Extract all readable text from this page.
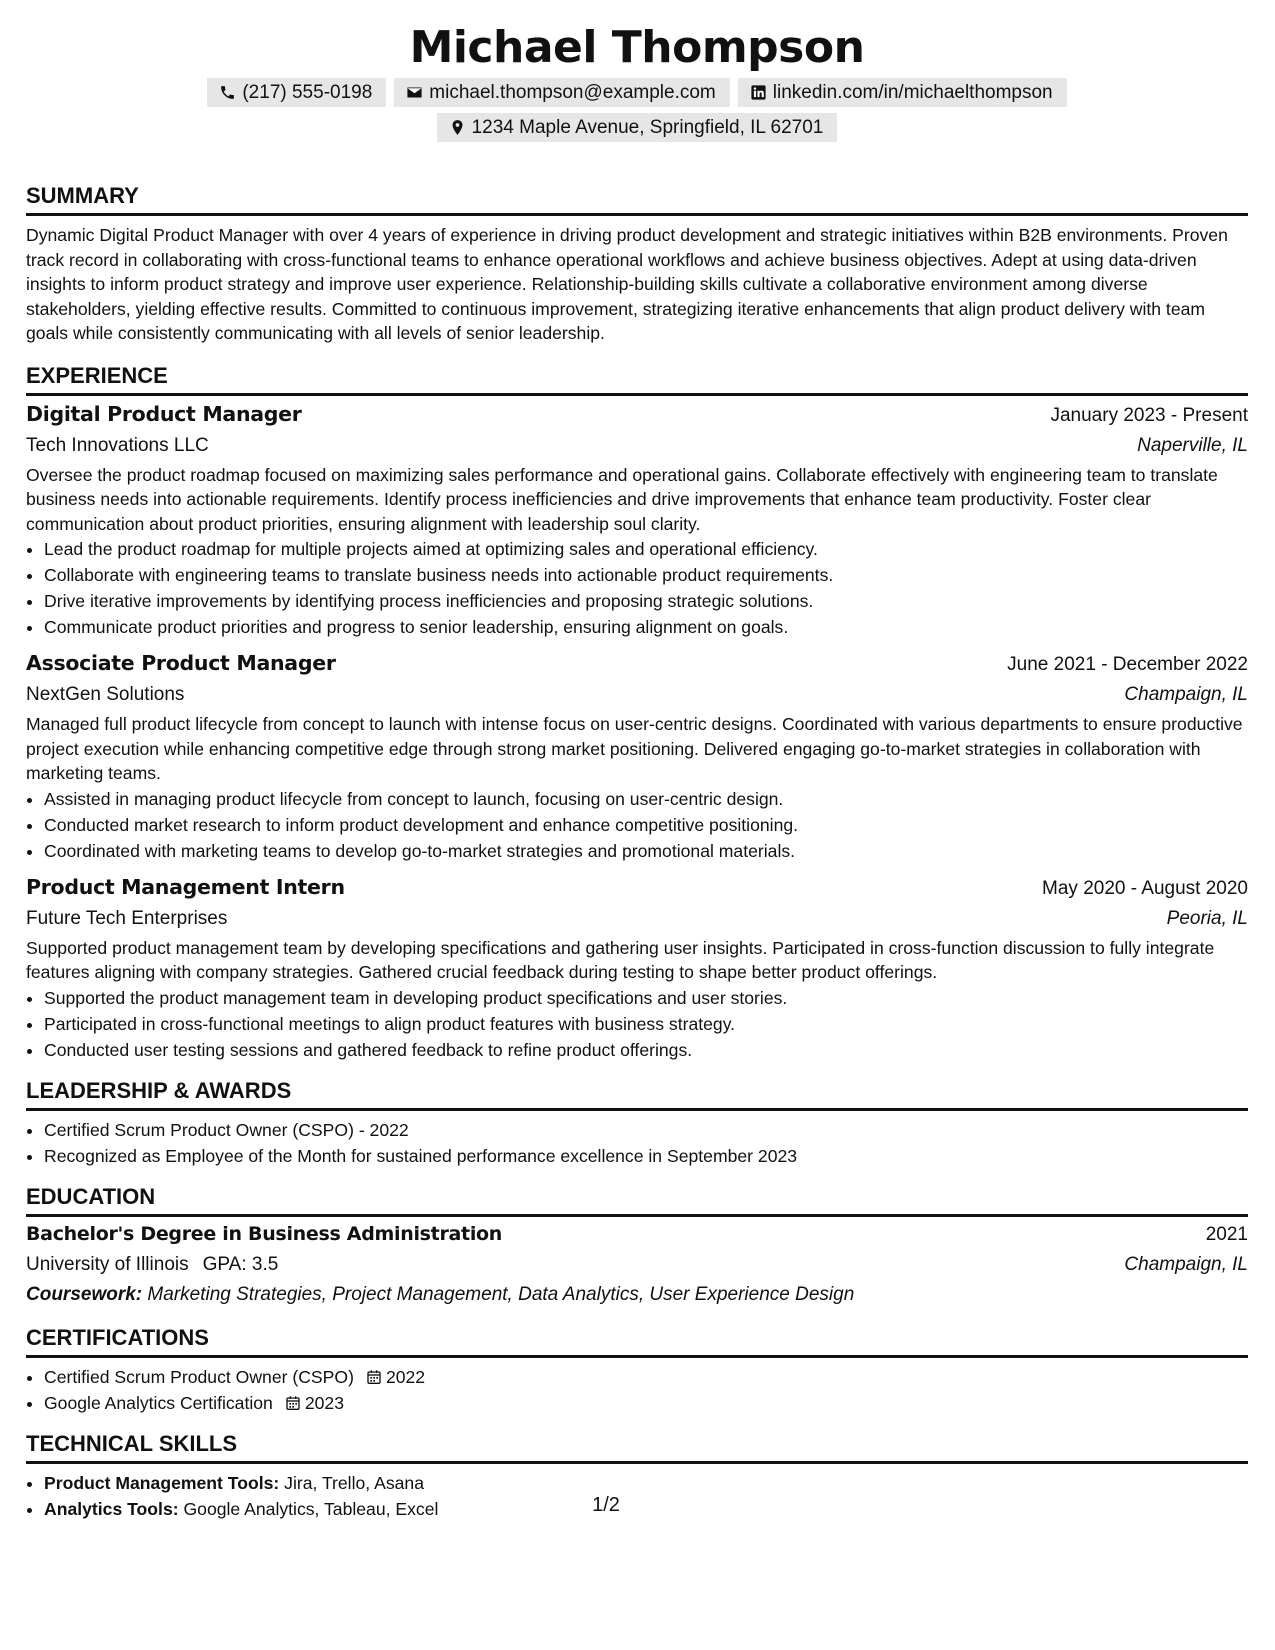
Michael Thompson
(217) 555-0198	michael.thompson@example.com	linkedin.com/in/michaelthompson
1234 Maple Avenue, Springfield, IL 62701
SUMMARY

Dynamic Digital Product Manager with over 4 years of experience in driving product development and strategic initiatives within B2B environments. Proven track record in collaborating with cross-functional teams to enhance operational workflows and achieve business objectives. Adept at using data-driven insights to inform product strategy and improve user experience. Relationship-building skills cultivate a collaborative environment among diverse stakeholders, yielding effective results. Committed to continuous improvement, strategizing iterative enhancements that align product delivery with team goals while consistently communicating with all levels of senior leadership.

EXPERIENCE
Digital Product Manager	January 2023 - Present
Tech Innovations LLC	Naperville, IL

Oversee the product roadmap focused on maximizing sales performance and operational gains. Collaborate effectively with engineering team to translate business needs into actionable requirements. Identify process inefficiencies and drive improvements that enhance team productivity. Foster clear communication about product priorities, ensuring alignment with leadership soul clarity.

• Lead the product roadmap for multiple projects aimed at optimizing sales and operational efficiency.
• Collaborate with engineering teams to translate business needs into actionable product requirements.
• Drive iterative improvements by identifying process inefficiencies and proposing strategic solutions.
• Communicate product priorities and progress to senior leadership, ensuring alignment on goals.
Associate Product Manager	June 2021 - December 2022
NextGen Solutions	Champaign, IL

Managed full product lifecycle from concept to launch with intense focus on user-centric designs. Coordinated with various departments to ensure productive project execution while enhancing competitive edge through strong market positioning. Delivered engaging go-to-market strategies in collaboration with marketing teams.

• Assisted in managing product lifecycle from concept to launch, focusing on user-centric design.
• Conducted market research to inform product development and enhance competitive positioning.
• Coordinated with marketing teams to develop go-to-market strategies and promotional materials.
Product Management Intern	May 2020 - August 2020
Future Tech Enterprises	Peoria, IL

Supported product management team by developing specifications and gathering user insights. Participated in cross-function discussion to fully integrate features aligning with company strategies. Gathered crucial feedback during testing to shape better product offerings.

• Supported the product management team in developing product specifications and user stories.
• Participated in cross-functional meetings to align product features with business strategy.
• Conducted user testing sessions and gathered feedback to refine product offerings.
LEADERSHIP & AWARDS
• Certified Scrum Product Owner (CSPO) - 2022
• Recognized as Employee of the Month for sustained performance excellence in September 2023
EDUCATION
Bachelor's Degree in Business Administration	2021
University of Illinois GPA: 3.5	Champaign, IL
Coursework: Marketing Strategies, Project Management, Data Analytics, User Experience Design
CERTIFICATIONS
• Certified Scrum Product Owner (CSPO) 2022
• Google Analytics Certification 2023
TECHNICAL SKILLS
• Product Management Tools: Jira, Trello, Asana
• Analytics Tools: Google Analytics, Tableau, Excel	1/2
